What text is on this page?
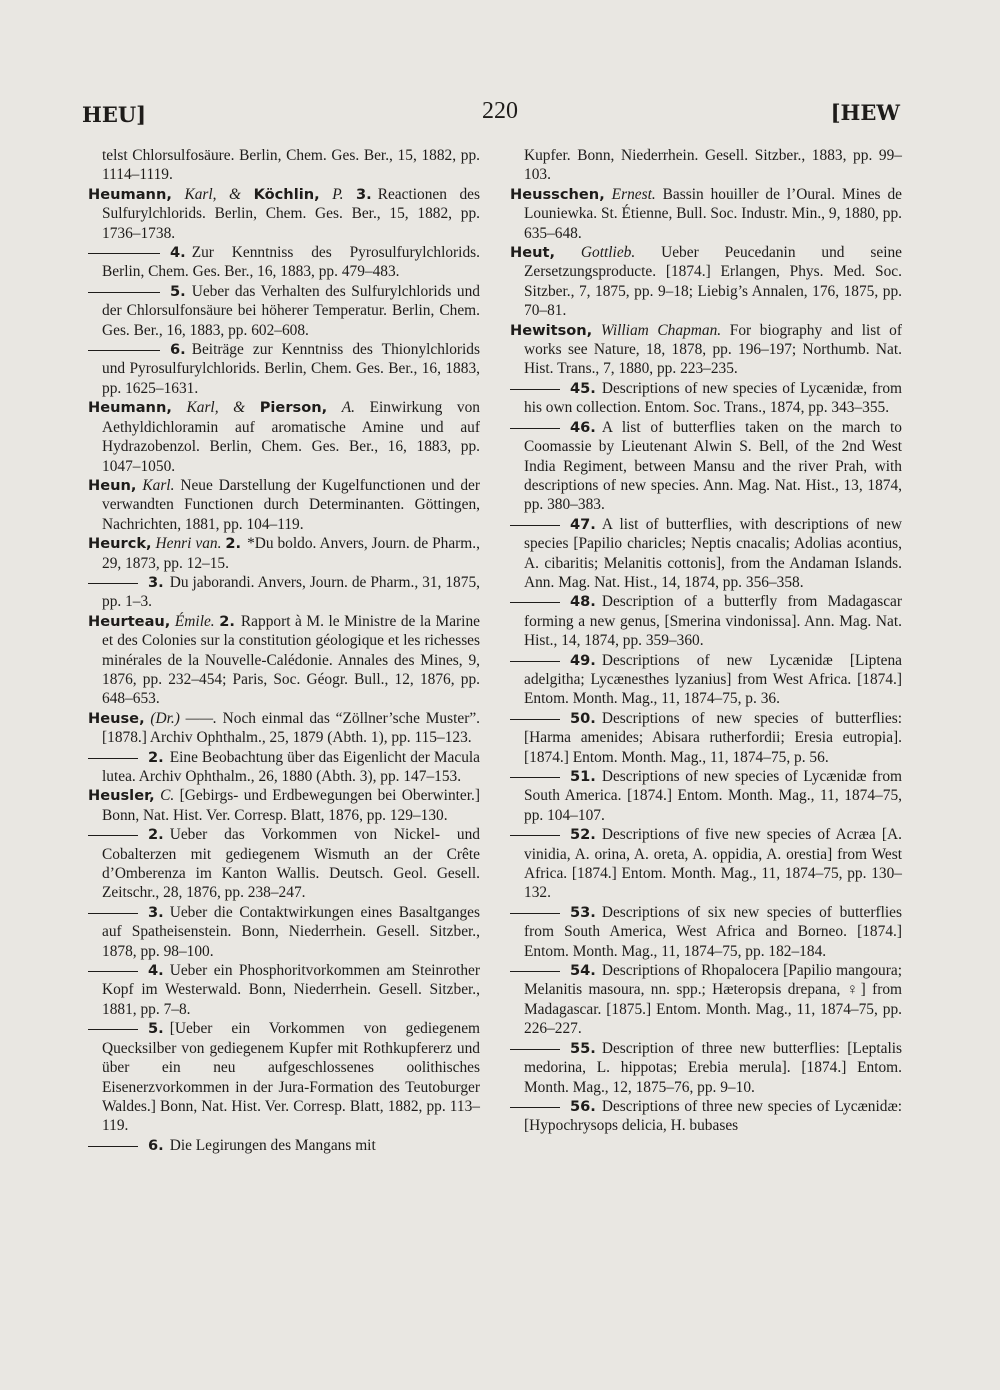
HEU]	220	[HEW

telst Chlorsulfosäure. Berlin, Chem. Ges. Ber., 15, 1882, pp. 1114–1119.

Heumann, Karl, & Köchlin, P. 3. Reactionen des Sulfurylchlorids. Berlin, Chem. Ges. Ber., 15, 1882, pp. 1736–1738.

4. Zur Kenntniss des Pyrosulfurylchlorids. Berlin, Chem. Ges. Ber., 16, 1883, pp. 479–483.

5. Ueber das Verhalten des Sulfurylchlorids und der Chlorsulfonsäure bei höherer Temperatur. Berlin, Chem. Ges. Ber., 16, 1883, pp. 602–608.

6. Beiträge zur Kenntniss des Thionylchlorids und Pyrosulfurylchlorids. Berlin, Chem. Ges. Ber., 16, 1883, pp. 1625–1631.

Heumann, Karl, & Pierson, A. Einwirkung von Aethyldichloramin auf aromatische Amine und auf Hydrazobenzol. Berlin, Chem. Ges. Ber., 16, 1883, pp. 1047–1050.

Heun, Karl. Neue Darstellung der Kugelfunctionen und der verwandten Functionen durch Determinanten. Göttingen, Nachrichten, 1881, pp. 104–119.

Heurck, Henri van. 2. *Du boldo. Anvers, Journ. de Pharm., 29, 1873, pp. 12–15.

3. Du jaborandi. Anvers, Journ. de Pharm., 31, 1875, pp. 1–3.

Heurteau, Émile. 2. Rapport à M. le Ministre de la Marine et des Colonies sur la constitution géologique et les richesses minérales de la Nouvelle-Calédonie. Annales des Mines, 9, 1876, pp. 232–454; Paris, Soc. Géogr. Bull., 12, 1876, pp. 648–653.

Heuse, (Dr.) ——. Noch einmal das “Zöllner’sche Muster”. [1878.] Archiv Ophthalm., 25, 1879 (Abth. 1), pp. 115–123.

2. Eine Beobachtung über das Eigenlicht der Macula lutea. Archiv Ophthalm., 26, 1880 (Abth. 3), pp. 147–153.

Heusler, C. [Gebirgs- und Erdbewegungen bei Oberwinter.] Bonn, Nat. Hist. Ver. Corresp. Blatt, 1876, pp. 129–130.

2. Ueber das Vorkommen von Nickel- und Cobalterzen mit gediegenem Wismuth an der Crête d’Omberenza im Kanton Wallis. Deutsch. Geol. Gesell. Zeitschr., 28, 1876, pp. 238–247.

3. Ueber die Contaktwirkungen eines Basaltganges auf Spatheisenstein. Bonn, Niederrhein. Gesell. Sitzber., 1878, pp. 98–100.

4. Ueber ein Phosphoritvorkommen am Steinrother Kopf im Westerwald. Bonn, Niederrhein. Gesell. Sitzber., 1881, pp. 7–8.

5. [Ueber ein Vorkommen von gediegenem Quecksilber von gediegenem Kupfer mit Rothkupfererz und über ein neu aufgeschlossenes oolithisches Eisenerzvorkommen in der Jura-Formation des Teutoburger Waldes.] Bonn, Nat. Hist. Ver. Corresp. Blatt, 1882, pp. 113–119.

6. Die Legirungen des Mangans mit

Kupfer. Bonn, Niederrhein. Gesell. Sitzber., 1883, pp. 99–103.

Heusschen, Ernest. Bassin houiller de l’Oural. Mines de Louniewka. St. Étienne, Bull. Soc. Industr. Min., 9, 1880, pp. 635–648.

Heut, Gottlieb. Ueber Peucedanin und seine Zersetzungsproducte. [1874.] Erlangen, Phys. Med. Soc. Sitzber., 7, 1875, pp. 9–18; Liebig’s Annalen, 176, 1875, pp. 70–81.

Hewitson, William Chapman. For biography and list of works see Nature, 18, 1878, pp. 196–197; Northumb. Nat. Hist. Trans., 7, 1880, pp. 223–235.

45. Descriptions of new species of Lycænidæ, from his own collection. Entom. Soc. Trans., 1874, pp. 343–355.

46. A list of butterflies taken on the march to Coomassie by Lieutenant Alwin S. Bell, of the 2nd West India Regiment, between Mansu and the river Prah, with descriptions of new species. Ann. Mag. Nat. Hist., 13, 1874, pp. 380–383.

47. A list of butterflies, with descriptions of new species [Papilio charicles; Neptis cnacalis; Adolias acontius, A. cibaritis; Melanitis cottonis], from the Andaman Islands. Ann. Mag. Nat. Hist., 14, 1874, pp. 356–358.

48. Description of a butterfly from Madagascar forming a new genus, [Smerina vindonissa]. Ann. Mag. Nat. Hist., 14, 1874, pp. 359–360.

49. Descriptions of new Lycænidæ [Liptena adelgitha; Lycænesthes lyzanius] from West Africa. [1874.] Entom. Month. Mag., 11, 1874–75, p. 36.

50. Descriptions of new species of butterflies: [Harma amenides; Abisara rutherfordii; Eresia eutropia]. [1874.] Entom. Month. Mag., 11, 1874–75, p. 56.

51. Descriptions of new species of Lycænidæ from South America. [1874.] Entom. Month. Mag., 11, 1874–75, pp. 104–107.

52. Descriptions of five new species of Acræa [A. vinidia, A. orina, A. oreta, A. oppidia, A. orestia] from West Africa. [1874.] Entom. Month. Mag., 11, 1874–75, pp. 130–132.

53. Descriptions of six new species of butterflies from South America, West Africa and Borneo. [1874.] Entom. Month. Mag., 11, 1874–75, pp. 182–184.

54. Descriptions of Rhopalocera [Papilio mangoura; Melanitis masoura, nn. spp.; Hæteropsis drepana, ♀] from Madagascar. [1875.] Entom. Month. Mag., 11, 1874–75, pp. 226–227.

55. Description of three new butterflies: [Leptalis medorina, L. hippotas; Erebia merula]. [1874.] Entom. Month. Mag., 12, 1875–76, pp. 9–10.

56. Descriptions of three new species of Lycænidæ: [Hypochrysops delicia, H. bubases
